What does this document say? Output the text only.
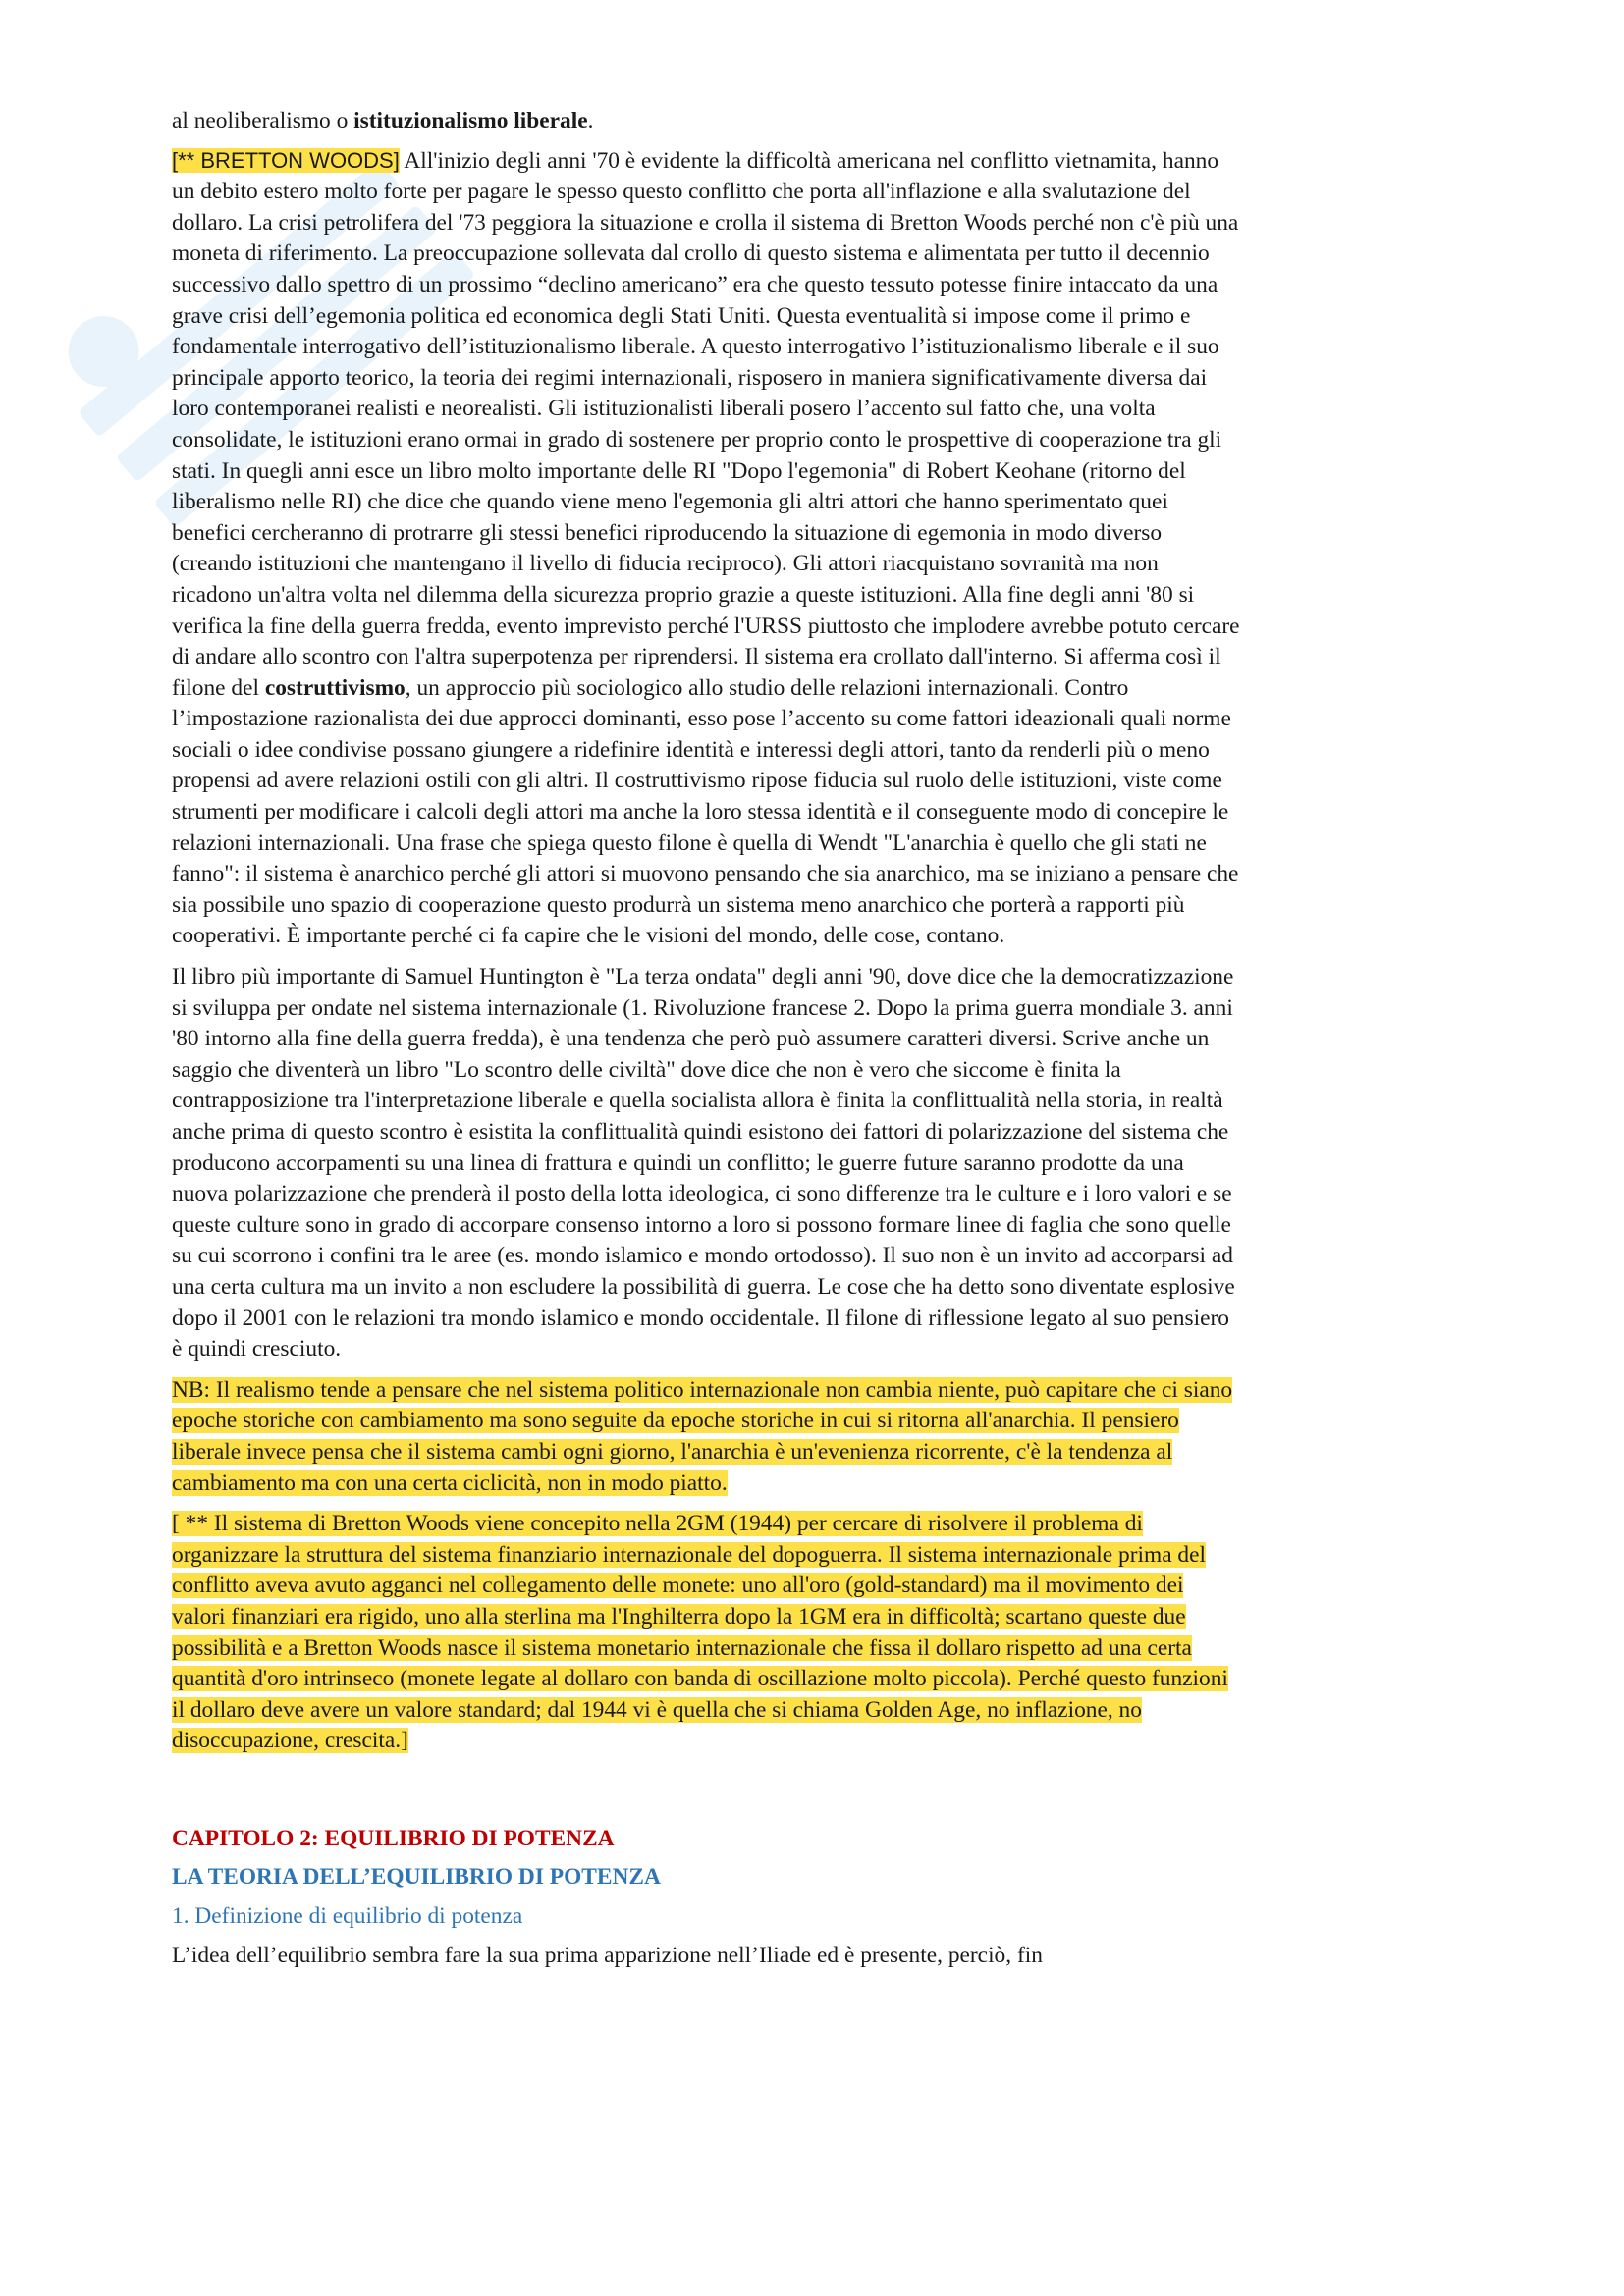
al neoliberalismo o istituzionalismo liberale.

[** BRETTON WOODS] All'inizio degli anni '70 è evidente la difficoltà americana nel conflitto vietnamita, hanno un debito estero molto forte per pagare le spesso questo conflitto che porta all'inflazione e alla svalutazione del dollaro. La crisi petrolifera del '73 peggiora la situazione e crolla il sistema di Bretton Woods perché non c'è più una moneta di riferimento. La preoccupazione sollevata dal crollo di questo sistema e alimentata per tutto il decennio successivo dallo spettro di un prossimo “declino americano” era che questo tessuto potesse finire intaccato da una grave crisi dell’egemonia politica ed economica degli Stati Uniti. Questa eventualità si impose come il primo e fondamentale interrogativo dell’istituzionalismo liberale. A questo interrogativo l’istituzionalismo liberale e il suo principale apporto teorico, la teoria dei regimi internazionali, risposero in maniera significativamente diversa dai loro contemporanei realisti e neorealisti. Gli istituzionalisti liberali posero l’accento sul fatto che, una volta consolidate, le istituzioni erano ormai in grado di sostenere per proprio conto le prospettive di cooperazione tra gli stati. In quegli anni esce un libro molto importante delle RI "Dopo l'egemonia" di Robert Keohane (ritorno del liberalismo nelle RI) che dice che quando viene meno l'egemonia gli altri attori che hanno sperimentato quei benefici cercheranno di protrarre gli stessi benefici riproducendo la situazione di egemonia in modo diverso (creando istituzioni che mantengano il livello di fiducia reciproco). Gli attori riacquistano sovranità ma non ricadono un'altra volta nel dilemma della sicurezza proprio grazie a queste istituzioni. Alla fine degli anni '80 si verifica la fine della guerra fredda, evento imprevisto perché l'URSS piuttosto che implodere avrebbe potuto cercare di andare allo scontro con l'altra superpotenza per riprendersi. Il sistema era crollato dall'interno. Si afferma così il filone del costruttivismo, un approccio più sociologico allo studio delle relazioni internazionali. Contro l’impostazione razionalista dei due approcci dominanti, esso pose l’accento su come fattori ideazionali quali norme sociali o idee condivise possano giungere a ridefinire identità e interessi degli attori, tanto da renderli più o meno propensi ad avere relazioni ostili con gli altri. Il costruttivismo ripose fiducia sul ruolo delle istituzioni, viste come strumenti per modificare i calcoli degli attori ma anche la loro stessa identità e il conseguente modo di concepire le relazioni internazionali. Una frase che spiega questo filone è quella di Wendt "L'anarchia è quello che gli stati ne fanno": il sistema è anarchico perché gli attori si muovono pensando che sia anarchico, ma se iniziano a pensare che sia possibile uno spazio di cooperazione questo produrrà un sistema meno anarchico che porterà a rapporti più cooperativi. È importante perché ci fa capire che le visioni del mondo, delle cose, contano.

Il libro più importante di Samuel Huntington è "La terza ondata" degli anni '90, dove dice che la democratizzazione si sviluppa per ondate nel sistema internazionale (1. Rivoluzione francese 2. Dopo la prima guerra mondiale 3. anni '80 intorno alla fine della guerra fredda), è una tendenza che però può assumere caratteri diversi. Scrive anche un saggio che diventerà un libro "Lo scontro delle civiltà" dove dice che non è vero che siccome è finita la contrapposizione tra l'interpretazione liberale e quella socialista allora è finita la conflittualità nella storia, in realtà anche prima di questo scontro è esistita la conflittualità quindi esistono dei fattori di polarizzazione del sistema che producono accorpamenti su una linea di frattura e quindi un conflitto; le guerre future saranno prodotte da una nuova polarizzazione che prenderà il posto della lotta ideologica, ci sono differenze tra le culture e i loro valori e se queste culture sono in grado di accorpare consenso intorno a loro si possono formare linee di faglia che sono quelle su cui scorrono i confini tra le aree (es. mondo islamico e mondo ortodosso). Il suo non è un invito ad accorparsi ad una certa cultura ma un invito a non escludere la possibilità di guerra. Le cose che ha detto sono diventate esplosive dopo il 2001 con le relazioni tra mondo islamico e mondo occidentale. Il filone di riflessione legato al suo pensiero è quindi cresciuto.

NB: Il realismo tende a pensare che nel sistema politico internazionale non cambia niente, può capitare che ci siano epoche storiche con cambiamento ma sono seguite da epoche storiche in cui si ritorna all'anarchia. Il pensiero liberale invece pensa che il sistema cambi ogni giorno, l'anarchia è un'evenienza ricorrente, c'è la tendenza al cambiamento ma con una certa ciclicità, non in modo piatto.

[ ** Il sistema di Bretton Woods viene concepito nella 2GM (1944) per cercare di risolvere il problema di organizzare la struttura del sistema finanziario internazionale del dopoguerra. Il sistema internazionale prima del conflitto aveva avuto agganci nel collegamento delle monete: uno all'oro (gold-standard) ma il movimento dei valori finanziari era rigido, uno alla sterlina ma l'Inghilterra dopo la 1GM era in difficoltà; scartano queste due possibilità e a Bretton Woods nasce il sistema monetario internazionale che fissa il dollaro rispetto ad una certa quantità d'oro intrinseco (monete legate al dollaro con banda di oscillazione molto piccola). Perché questo funzioni il dollaro deve avere un valore standard; dal 1944 vi è quella che si chiama Golden Age, no inflazione, no disoccupazione, crescita.]

CAPITOLO 2: EQUILIBRIO DI POTENZA

LA TEORIA DELL’EQUILIBRIO DI POTENZA

1. Definizione di equilibrio di potenza

L’idea dell’equilibrio sembra fare la sua prima apparizione nell’Iliade ed è presente, perciò, fin
